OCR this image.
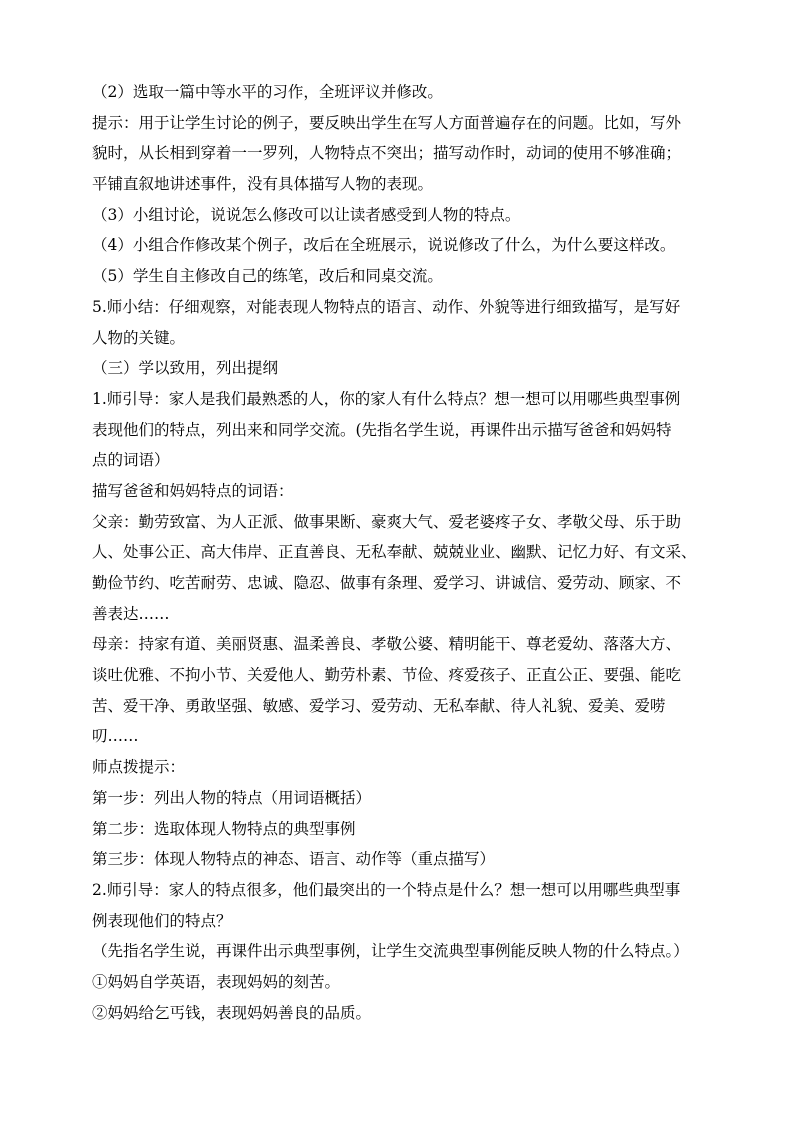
（2）选取一篇中等水平的习作，全班评议并修改。

提示：用于让学生讨论的例子，要反映出学生在写人方面普遍存在的问题。比如，写外

貌时，从长相到穿着一一罗列，人物特点不突出；描写动作时，动词的使用不够准确；

平铺直叙地讲述事件，没有具体描写人物的表现。

（3）小组讨论，说说怎么修改可以让读者感受到人物的特点。

（4）小组合作修改某个例子，改后在全班展示，说说修改了什么，为什么要这样改。

（5）学生自主修改自己的练笔，改后和同桌交流。

5.师小结：仔细观察，对能表现人物特点的语言、动作、外貌等进行细致描写，是写好

人物的关键。

（三）学以致用，列出提纲

1.师引导：家人是我们最熟悉的人，你的家人有什么特点？想一想可以用哪些典型事例

表现他们的特点，列出来和同学交流。(先指名学生说，再课件出示描写爸爸和妈妈特

点的词语）

描写爸爸和妈妈特点的词语：

父亲：勤劳致富、为人正派、做事果断、豪爽大气、爱老婆疼子女、孝敬父母、乐于助

人、处事公正、高大伟岸、正直善良、无私奉献、兢兢业业、幽默、记忆力好、有文采、

勤俭节约、吃苦耐劳、忠诚、隐忍、做事有条理、爱学习、讲诚信、爱劳动、顾家、不

善表达……

母亲：持家有道、美丽贤惠、温柔善良、孝敬公婆、精明能干、尊老爱幼、落落大方、

谈吐优雅、不拘小节、关爱他人、勤劳朴素、节俭、疼爱孩子、正直公正、要强、能吃

苦、爱干净、勇敢坚强、敏感、爱学习、爱劳动、无私奉献、待人礼貌、爱美、爱唠

叨……

师点拨提示：

第一步：列出人物的特点（用词语概括）

第二步：选取体现人物特点的典型事例

第三步：体现人物特点的神态、语言、动作等（重点描写）

2.师引导：家人的特点很多，他们最突出的一个特点是什么？想一想可以用哪些典型事

例表现他们的特点？

（先指名学生说，再课件出示典型事例，让学生交流典型事例能反映人物的什么特点。）

①妈妈自学英语，表现妈妈的刻苦。

②妈妈给乞丐钱，表现妈妈善良的品质。
